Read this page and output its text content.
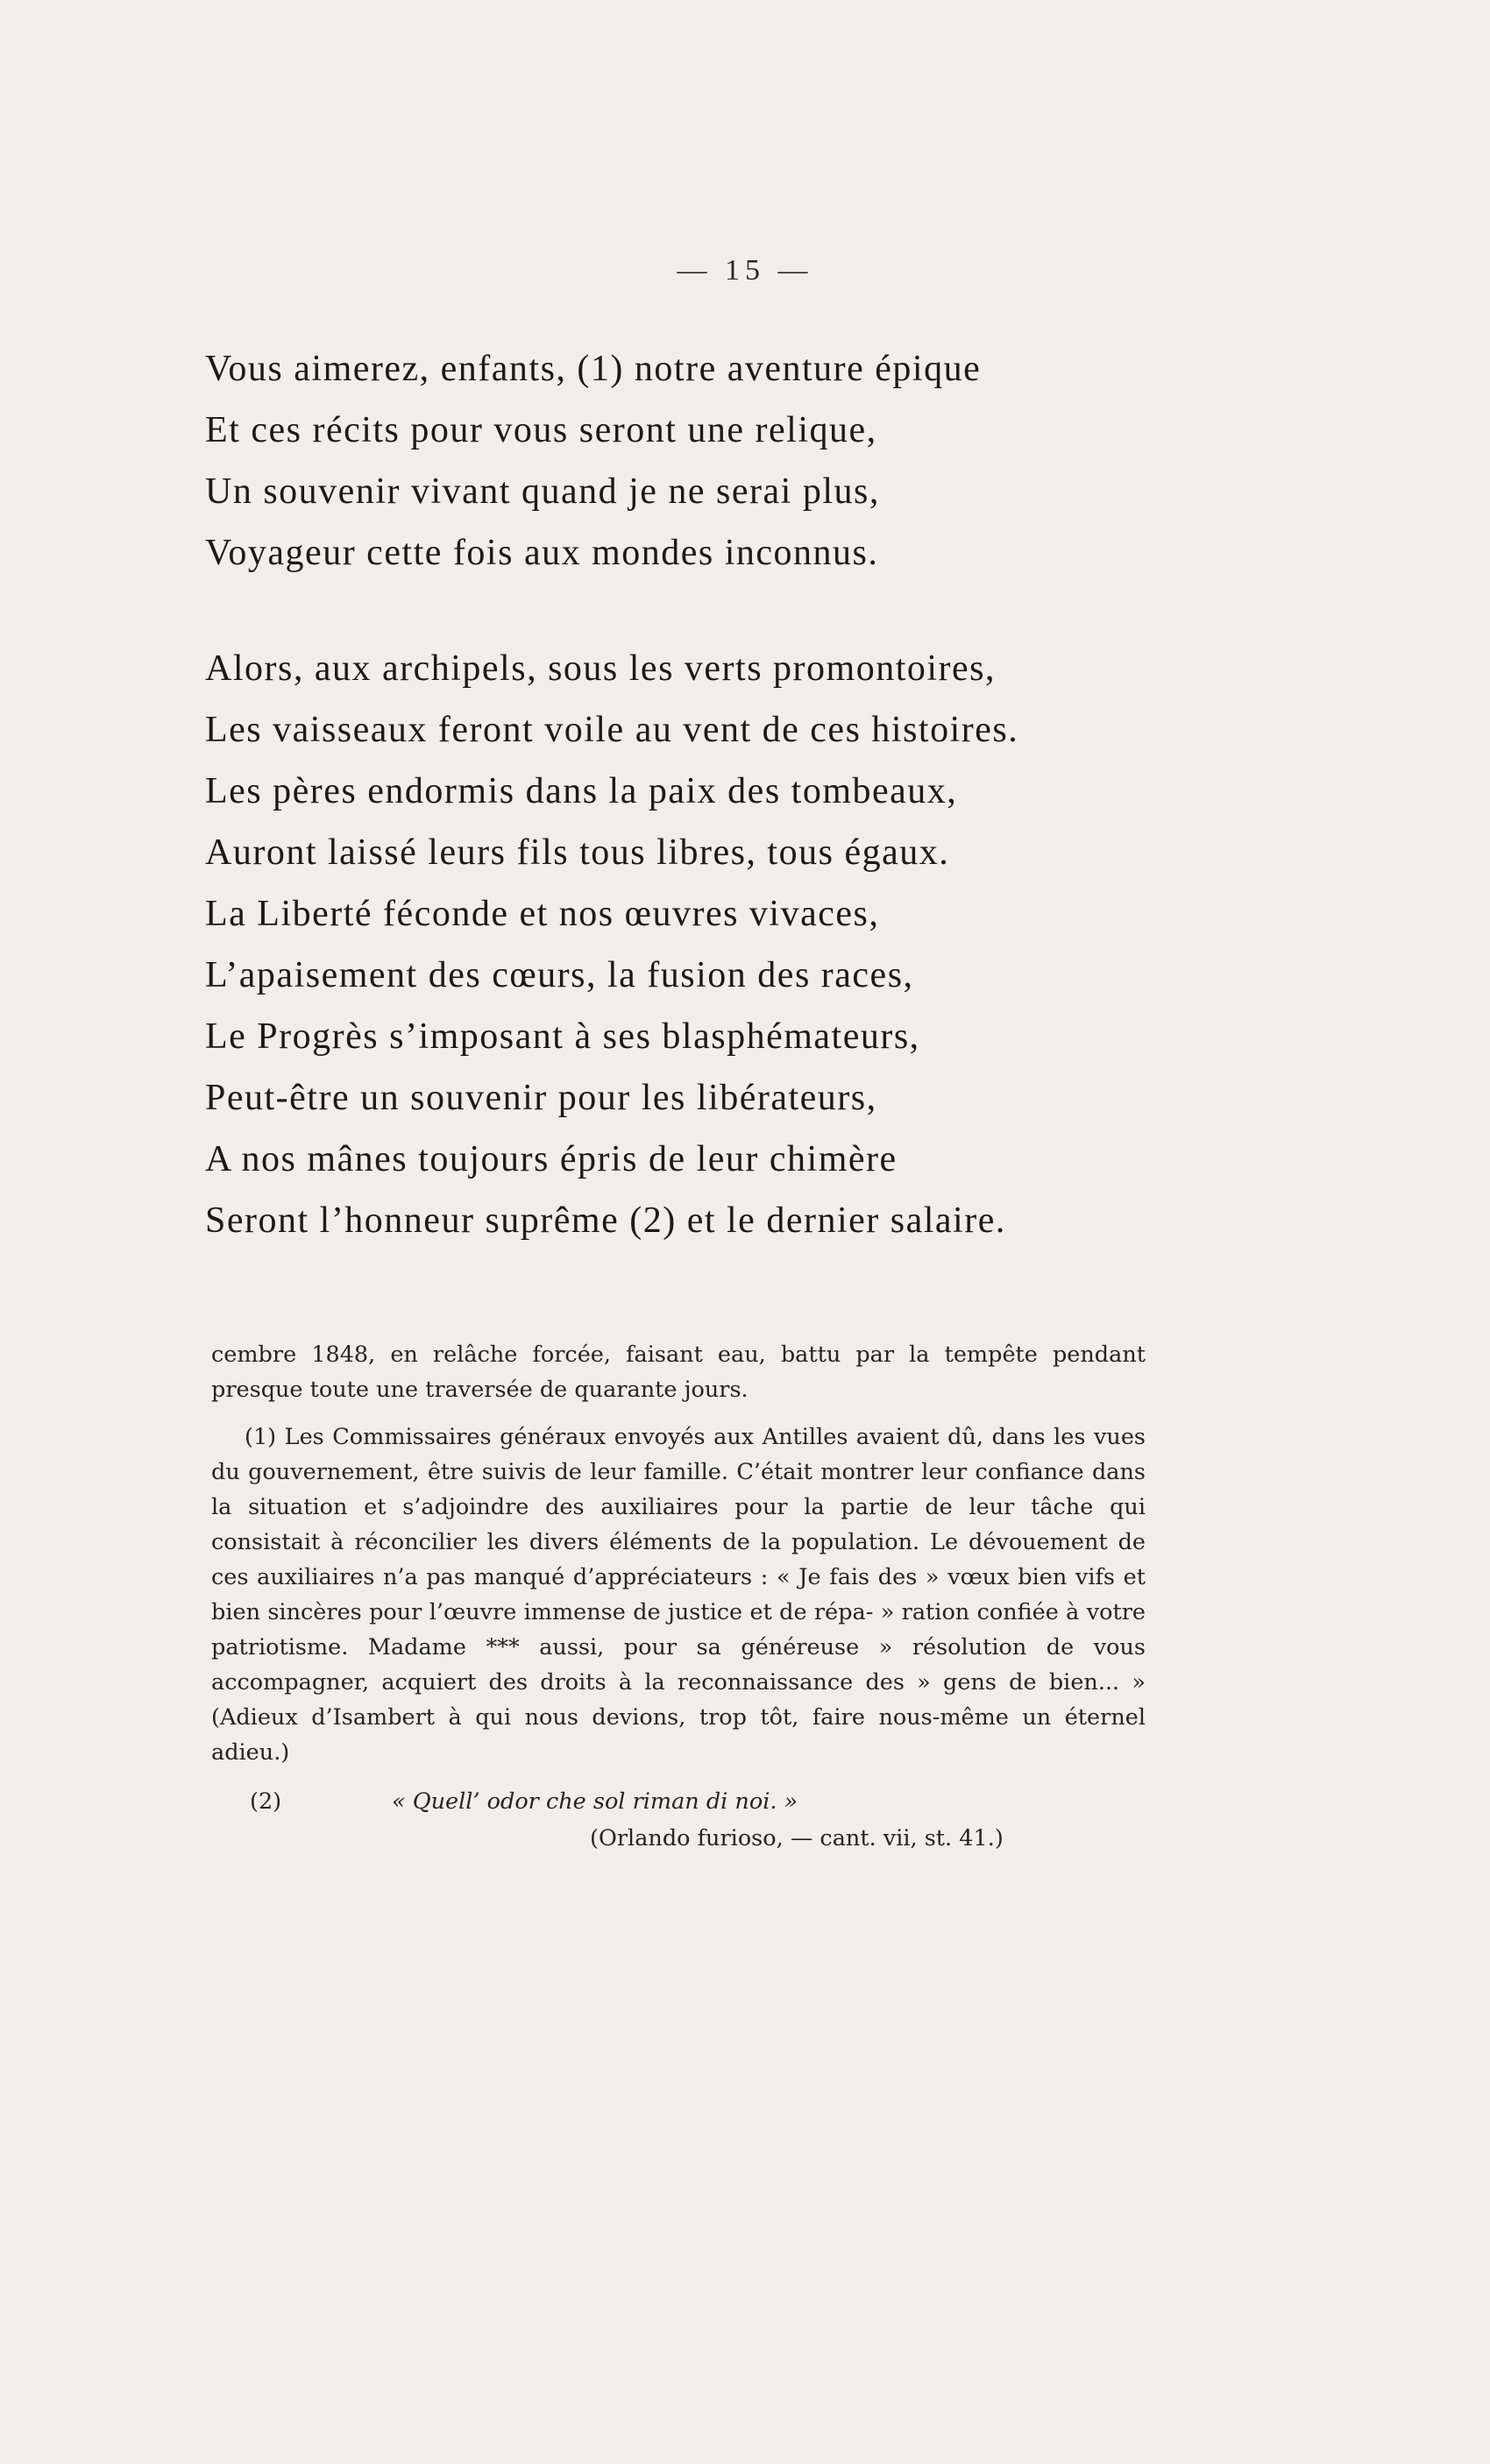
— 15 —
Vous aimerez, enfants, (1) notre aventure épique
Et ces récits pour vous seront une relique,
Un souvenir vivant quand je ne serai plus,
Voyageur cette fois aux mondes inconnus.
Alors, aux archipels, sous les verts promontoires,
Les vaisseaux feront voile au vent de ces histoires.
Les pères endormis dans la paix des tombeaux,
Auront laissé leurs fils tous libres, tous égaux.
La Liberté féconde et nos œuvres vivaces,
L’apaisement des cœurs, la fusion des races,
Le Progrès s’imposant à ses blasphémateurs,
Peut-être un souvenir pour les libérateurs,
A nos mânes toujours épris de leur chimère
Seront l’honneur suprême (2) et le dernier salaire.

cembre 1848, en relâche forcée, faisant eau, battu par la tempête pendant presque toute une traversée de quarante jours.

(1) Les Commissaires généraux envoyés aux Antilles avaient dû, dans les vues du gouvernement, être suivis de leur famille. C’était montrer leur confiance dans la situation et s’adjoindre des auxiliaires pour la partie de leur tâche qui consistait à réconcilier les divers éléments de la population. Le dévouement de ces auxiliaires n’a pas manqué d’appréciateurs : « Je fais des » vœux bien vifs et bien sincères pour l’œuvre immense de justice et de répa- » ration confiée à votre patriotisme. Madame *** aussi, pour sa généreuse » résolution de vous accompagner, acquiert des droits à la reconnaissance des » gens de bien... » (Adieux d’Isambert à qui nous devions, trop tôt, faire nous-même un éternel adieu.)

(2)	« Quell’ odor che sol riman di noi. »
(Orlando furioso, — cant. vii, st. 41.)
